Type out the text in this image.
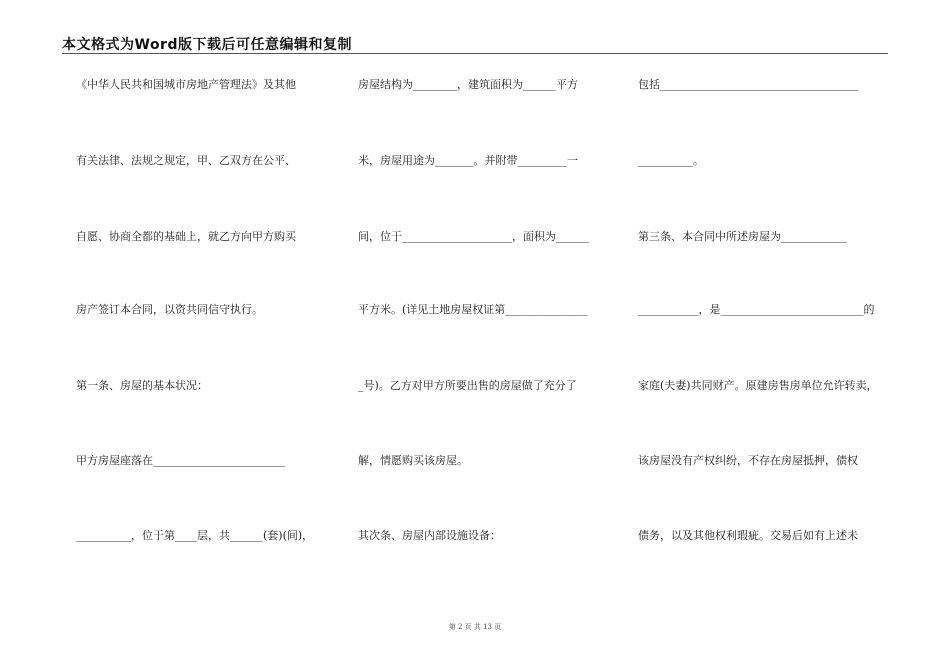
本文格式为Word版下载后可任意编辑和复制
《中华人民共和国城市房地产管理法》及其他
有关法律、法规之规定，甲、乙双方在公平、
自愿、协商全都的基础上，就乙方向甲方购买
房产签订本合同，以资共同信守执行。
第一条、房屋的基本状况：
甲方房屋座落在________________________
__________，位于第____层，共______(套)(间)，
房屋结构为________，建筑面积为______平方
米，房屋用途为_______。并附带_________一
间，位于____________________，面积为______
平方米。(详见土地房屋权证第_______________
_号)。乙方对甲方所要出售的房屋做了充分了
解，情愿购买该房屋。
其次条、房屋内部设施设备：
包括____________________________________
__________。
第三条、本合同中所述房屋为____________
___________，是__________________________的
家庭(夫妻)共同财产。原建房售房单位允许转卖，
该房屋没有产权纠纷，不存在房屋抵押，债权
债务，以及其他权利瑕疵。交易后如有上述未
第 2 页 共 13 页
